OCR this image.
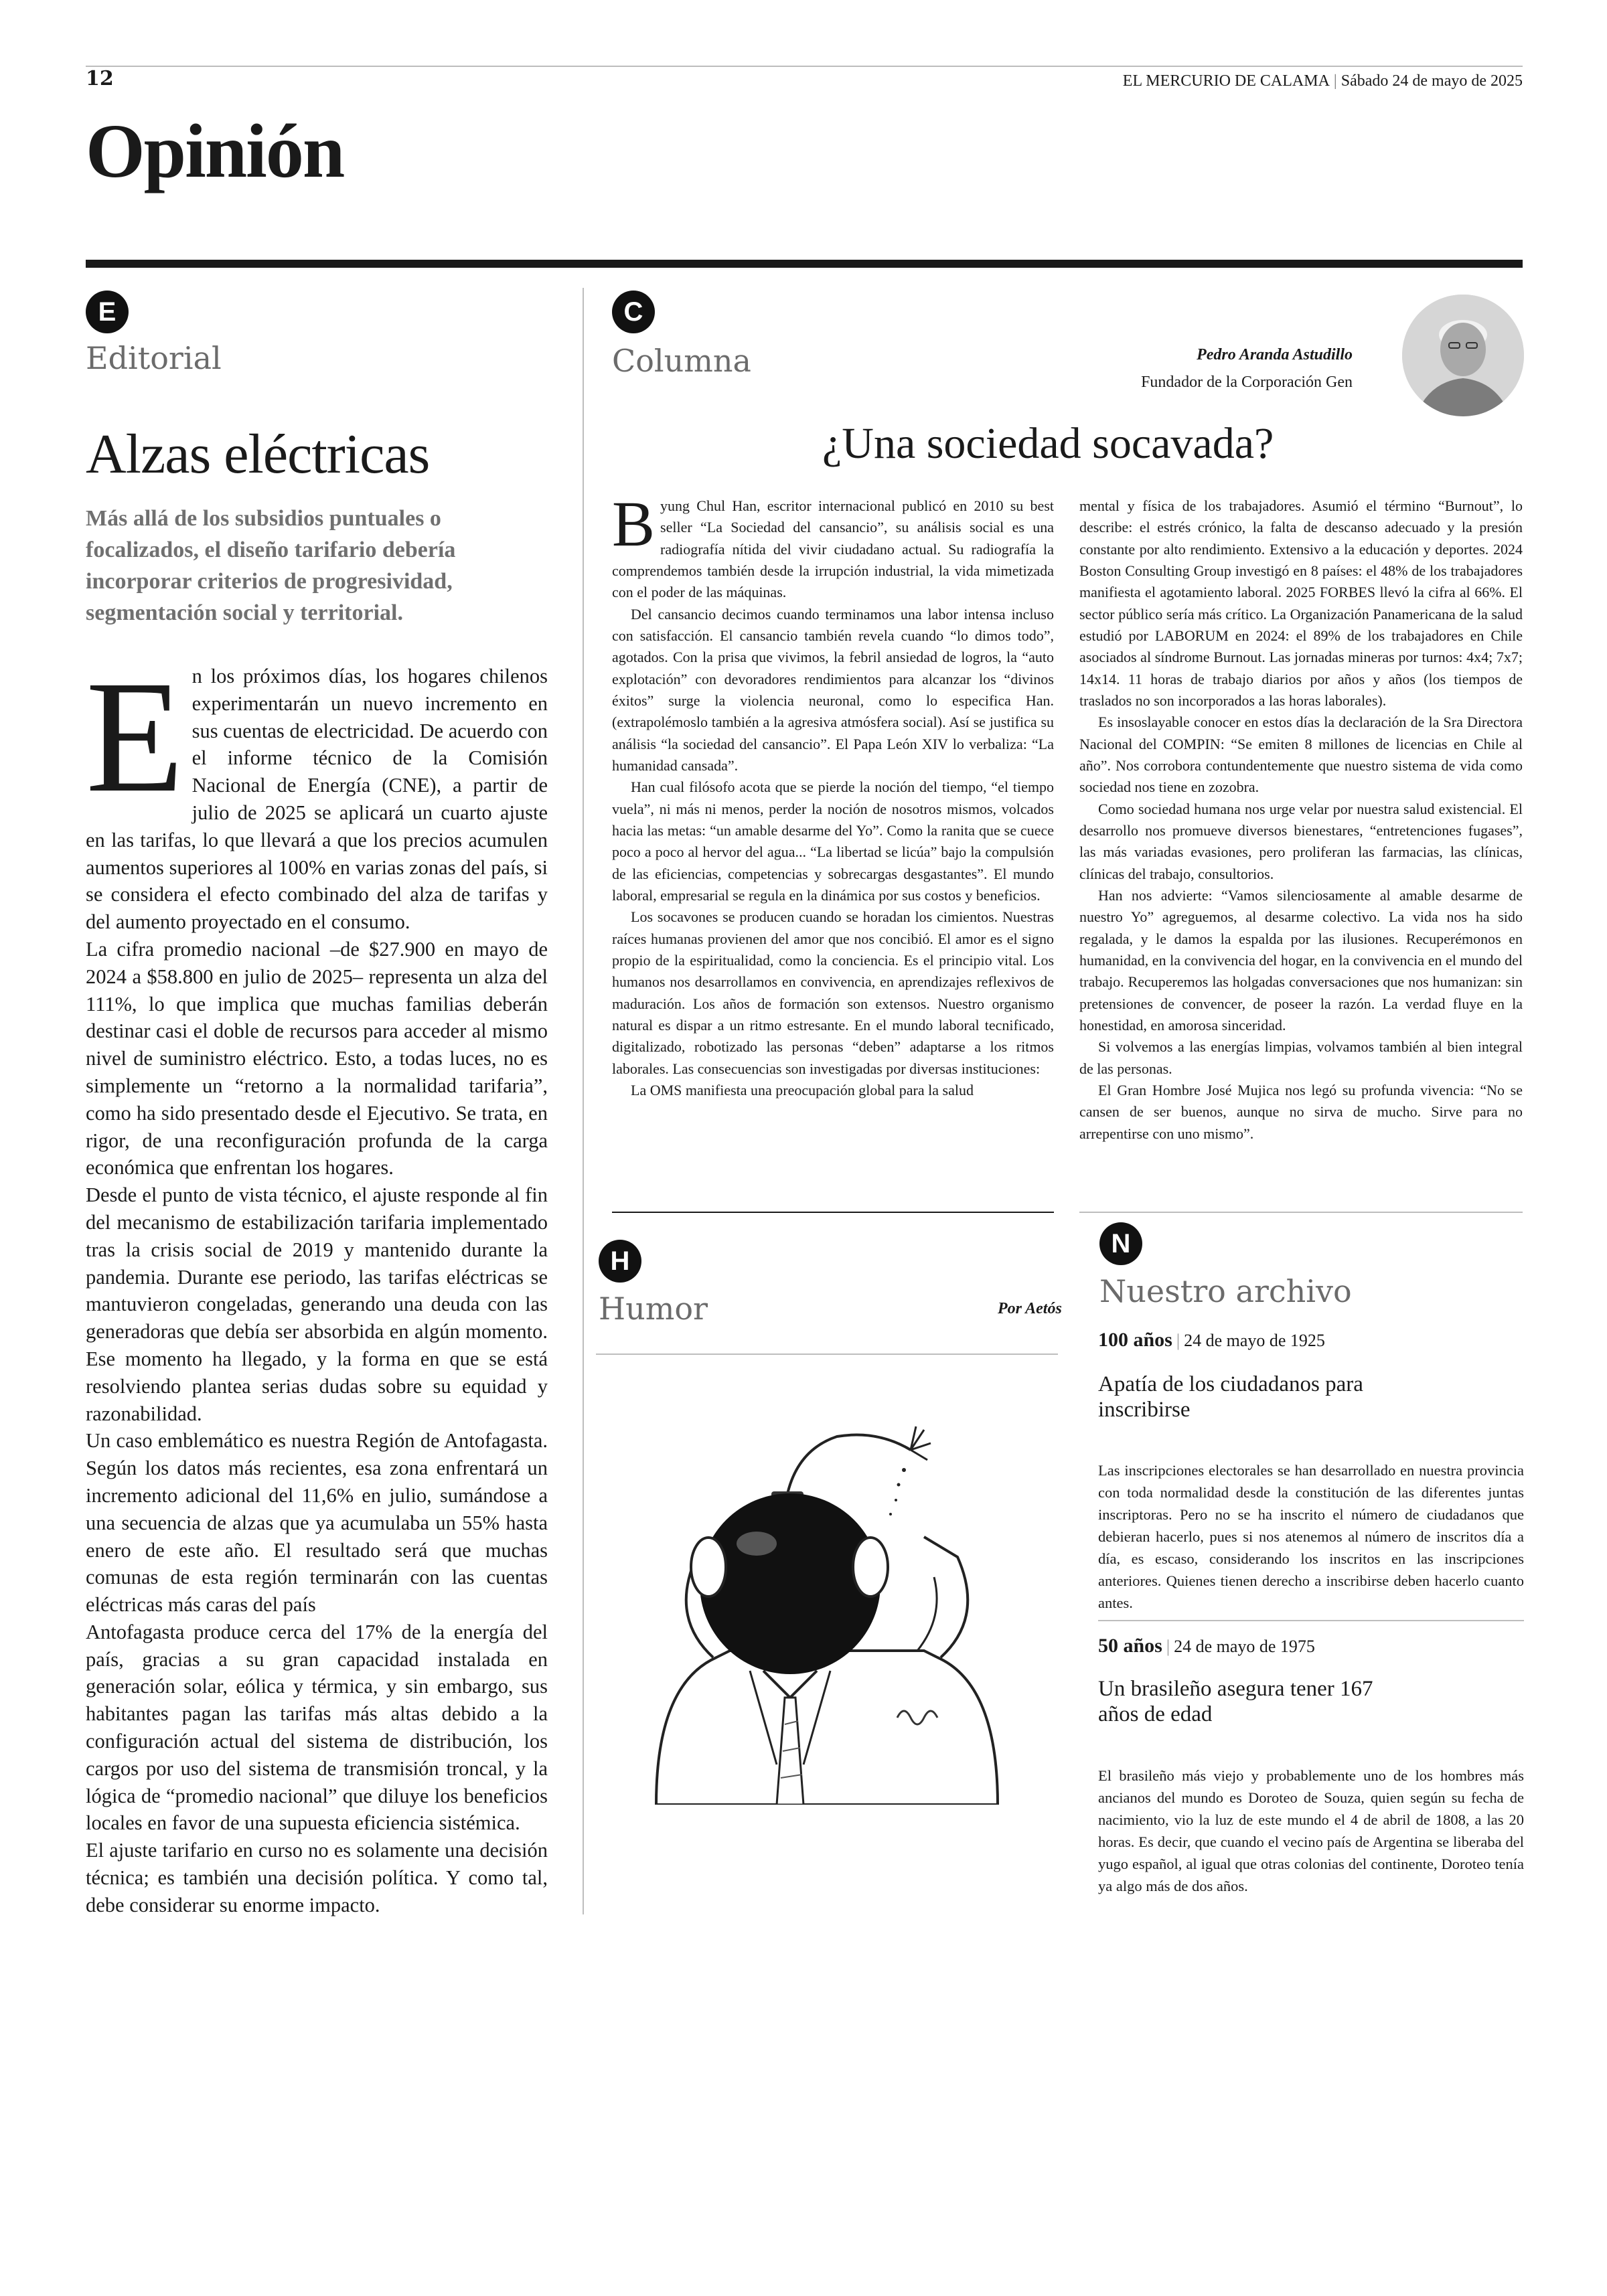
12	EL MERCURIO DE CALAMA | Sábado 24 de mayo de 2025
Opinión
E
Editorial
Alzas eléctricas
Más allá de los subsidios puntuales o focalizados, el diseño tarifario debería incorporar criterios de progresividad, segmentación social y territorial.

En los próximos días, los hogares chilenos experimentarán un nuevo incremento en sus cuentas de electricidad. De acuerdo con el informe técnico de la Comisión Nacional de Energía (CNE), a partir de julio de 2025 se aplicará un cuarto ajuste en las tarifas, lo que llevará a que los precios acumulen aumentos superiores al 100% en varias zonas del país, si se considera el efecto combinado del alza de tarifas y del aumento proyectado en el consumo.

La cifra promedio nacional –de $27.900 en mayo de 2024 a $58.800 en julio de 2025– representa un alza del 111%, lo que implica que muchas familias deberán destinar casi el doble de recursos para acceder al mismo nivel de suministro eléctrico. Esto, a todas luces, no es simplemente un “retorno a la normalidad tarifaria”, como ha sido presentado desde el Ejecutivo. Se trata, en rigor, de una reconfiguración profunda de la carga económica que enfrentan los hogares.

Desde el punto de vista técnico, el ajuste responde al fin del mecanismo de estabilización tarifaria implementado tras la crisis social de 2019 y mantenido durante la pandemia. Durante ese periodo, las tarifas eléctricas se mantuvieron congeladas, generando una deuda con las generadoras que debía ser absorbida en algún momento. Ese momento ha llegado, y la forma en que se está resolviendo plantea serias dudas sobre su equidad y razonabilidad.

Un caso emblemático es nuestra Región de Antofagasta. Según los datos más recientes, esa zona enfrentará un incremento adicional del 11,6% en julio, sumándose a una secuencia de alzas que ya acumulaba un 55% hasta enero de este año. El resultado será que muchas comunas de esta región terminarán con las cuentas eléctricas más caras del país

Antofagasta produce cerca del 17% de la energía del país, gracias a su gran capacidad instalada en generación solar, eólica y térmica, y sin embargo, sus habitantes pagan las tarifas más altas debido a la configuración actual del sistema de distribución, los cargos por uso del sistema de transmisión troncal, y la lógica de “promedio nacional” que diluye los beneficios locales en favor de una supuesta eficiencia sistémica.

El ajuste tarifario en curso no es solamente una decisión técnica; es también una decisión política. Y como tal, debe considerar su enorme impacto.

C
Columna	Pedro Aranda Astudillo
Fundador de la Corporación Gen
¿Una sociedad socavada?

Byung Chul Han, escritor internacional publicó en 2010 su best seller “La Sociedad del cansancio”, su análisis social es una radiografía nítida del vivir ciudadano actual. Su radiografía la comprendemos también desde la irrupción industrial, la vida mimetizada con el poder de las máquinas.

Del cansancio decimos cuando terminamos una labor intensa incluso con satisfacción. El cansancio también revela cuando “lo dimos todo”, agotados. Con la prisa que vivimos, la febril ansiedad de logros, la “auto explotación” con devoradores rendimientos para alcanzar los “divinos éxitos” surge la violencia neuronal, como lo especifica Han. (extrapolémoslo también a la agresiva atmósfera social). Así se justifica su análisis “la sociedad del cansancio”. El Papa León XIV lo verbaliza: “La humanidad cansada”.

Han cual filósofo acota que se pierde la noción del tiempo, “el tiempo vuela”, ni más ni menos, perder la noción de nosotros mismos, volcados hacia las metas: “un amable desarme del Yo”. Como la ranita que se cuece poco a poco al hervor del agua... “La libertad se licúa” bajo la compulsión de las eficiencias, competencias y sobrecargas desgastantes”. El mundo laboral, empresarial se regula en la dinámica por sus costos y beneficios.

Los socavones se producen cuando se horadan los cimientos. Nuestras raíces humanas provienen del amor que nos concibió. El amor es el signo propio de la espiritualidad, como la conciencia. Es el principio vital. Los humanos nos desarrollamos en convivencia, en aprendizajes reflexivos de maduración. Los años de formación son extensos. Nuestro organismo natural es dispar a un ritmo estresante. En el mundo laboral tecnificado, digitalizado, robotizado las personas “deben” adaptarse a los ritmos laborales. Las consecuencias son investigadas por diversas instituciones:

La OMS manifiesta una preocupación global para la salud

mental y física de los trabajadores. Asumió el término “Burnout”, lo describe: el estrés crónico, la falta de descanso adecuado y la presión constante por alto rendimiento. Extensivo a la educación y deportes. 2024 Boston Consulting Group investigó en 8 países: el 48% de los trabajadores manifiesta el agotamiento laboral. 2025 FORBES llevó la cifra al 66%. El sector público sería más crítico. La Organización Panamericana de la salud estudió por LABORUM en 2024: el 89% de los trabajadores en Chile asociados al síndrome Burnout. Las jornadas mineras por turnos: 4x4; 7x7; 14x14. 11 horas de trabajo diarios por años y años (los tiempos de traslados no son incorporados a las horas laborales).

Es insoslayable conocer en estos días la declaración de la Sra Directora Nacional del COMPIN: “Se emiten 8 millones de licencias en Chile al año”. Nos corrobora contundentemente que nuestro sistema de vida como sociedad nos tiene en zozobra.

Como sociedad humana nos urge velar por nuestra salud existencial. El desarrollo nos promueve diversos bienestares, “entretenciones fugases”, las más variadas evasiones, pero proliferan las farmacias, las clínicas, clínicas del trabajo, consultorios.

Han nos advierte: “Vamos silenciosamente al amable desarme de nuestro Yo” agreguemos, al desarme colectivo. La vida nos ha sido regalada, y le damos la espalda por las ilusiones. Recuperémonos en humanidad, en la convivencia del hogar, en la convivencia en el mundo del trabajo. Recuperemos las holgadas conversaciones que nos humanizan: sin pretensiones de convencer, de poseer la razón. La verdad fluye en la honestidad, en amorosa sinceridad.

Si volvemos a las energías limpias, volvamos también al bien integral de las personas.

El Gran Hombre José Mujica nos legó su profunda vivencia: “No se cansen de ser buenos, aunque no sirva de mucho. Sirve para no arrepentirse con uno mismo”.

H
Humor	Por Aetós
N
Nuestro archivo
100 años | 24 de mayo de 1925
Apatía de los ciudadanos para inscribirse
Las inscripciones electorales se han desarrollado en nuestra provincia con toda normalidad desde la constitución de las diferentes juntas inscriptoras. Pero no se ha inscrito el número de ciudadanos que debieran hacerlo, pues si nos atenemos al número de inscritos día a día, es escaso, considerando los inscritos en las inscripciones anteriores. Quienes tienen derecho a inscribirse deben hacerlo cuanto antes.
50 años | 24 de mayo de 1975
Un brasileño asegura tener 167 años de edad
El brasileño más viejo y probablemente uno de los hombres más ancianos del mundo es Doroteo de Souza, quien según su fecha de nacimiento, vio la luz de este mundo el 4 de abril de 1808, a las 20 horas. Es decir, que cuando el vecino país de Argentina se liberaba del yugo español, al igual que otras colonias del continente, Doroteo tenía ya algo más de dos años.
